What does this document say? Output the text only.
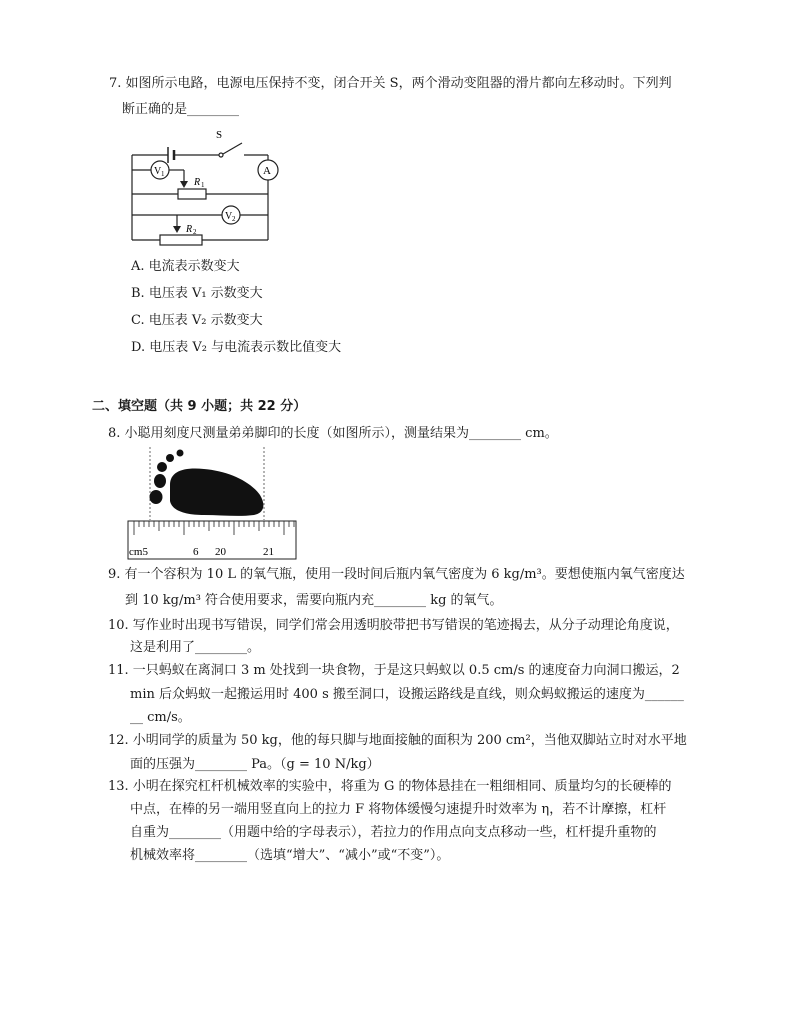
7. 如图所示电路，电源电压保持不变，闭合开关 S，两个滑动变阻器的滑片都向左移动时。下列判
断正确的是________
S
A
V 1
V 2
R 1
R 2
A. 电流表示数变大
B. 电压表 V₁ 示数变大
C. 电压表 V₂ 示数变大
D. 电压表 V₂ 与电流表示数比值变大
二、填空题（共 9 小题；共 22 分）
8. 小聪用刻度尺测量弟弟脚印的长度（如图所示），测量结果为________ cm。
cm5	6 20	21
9. 有一个容积为 10 L 的氧气瓶，使用一段时间后瓶内氧气密度为 6 kg/m³。要想使瓶内氧气密度达
到 10 kg/m³ 符合使用要求，需要向瓶内充________ kg 的氧气。
10. 写作业时出现书写错误，同学们常会用透明胶带把书写错误的笔迹揭去，从分子动理论角度说，
这是利用了________。
11. 一只蚂蚁在离洞口 3 m 处找到一块食物，于是这只蚂蚁以 0.5 cm/s 的速度奋力向洞口搬运，2
min 后众蚂蚁一起搬运用时 400 s 搬至洞口，设搬运路线是直线，则众蚂蚁搬运的速度为______
__ cm/s。
12. 小明同学的质量为 50 kg，他的每只脚与地面接触的面积为 200 cm²，当他双脚站立时对水平地
面的压强为________ Pa。（g = 10 N/kg）
13. 小明在探究杠杆机械效率的实验中，将重为 G 的物体悬挂在一粗细相同、质量均匀的长硬棒的
中点，在棒的另一端用竖直向上的拉力 F 将物体缓慢匀速提升时效率为 η，若不计摩擦，杠杆
自重为________（用题中给的字母表示），若拉力的作用点向支点移动一些，杠杆提升重物的
机械效率将________（选填“增大”、“减小”或“不变”）。
